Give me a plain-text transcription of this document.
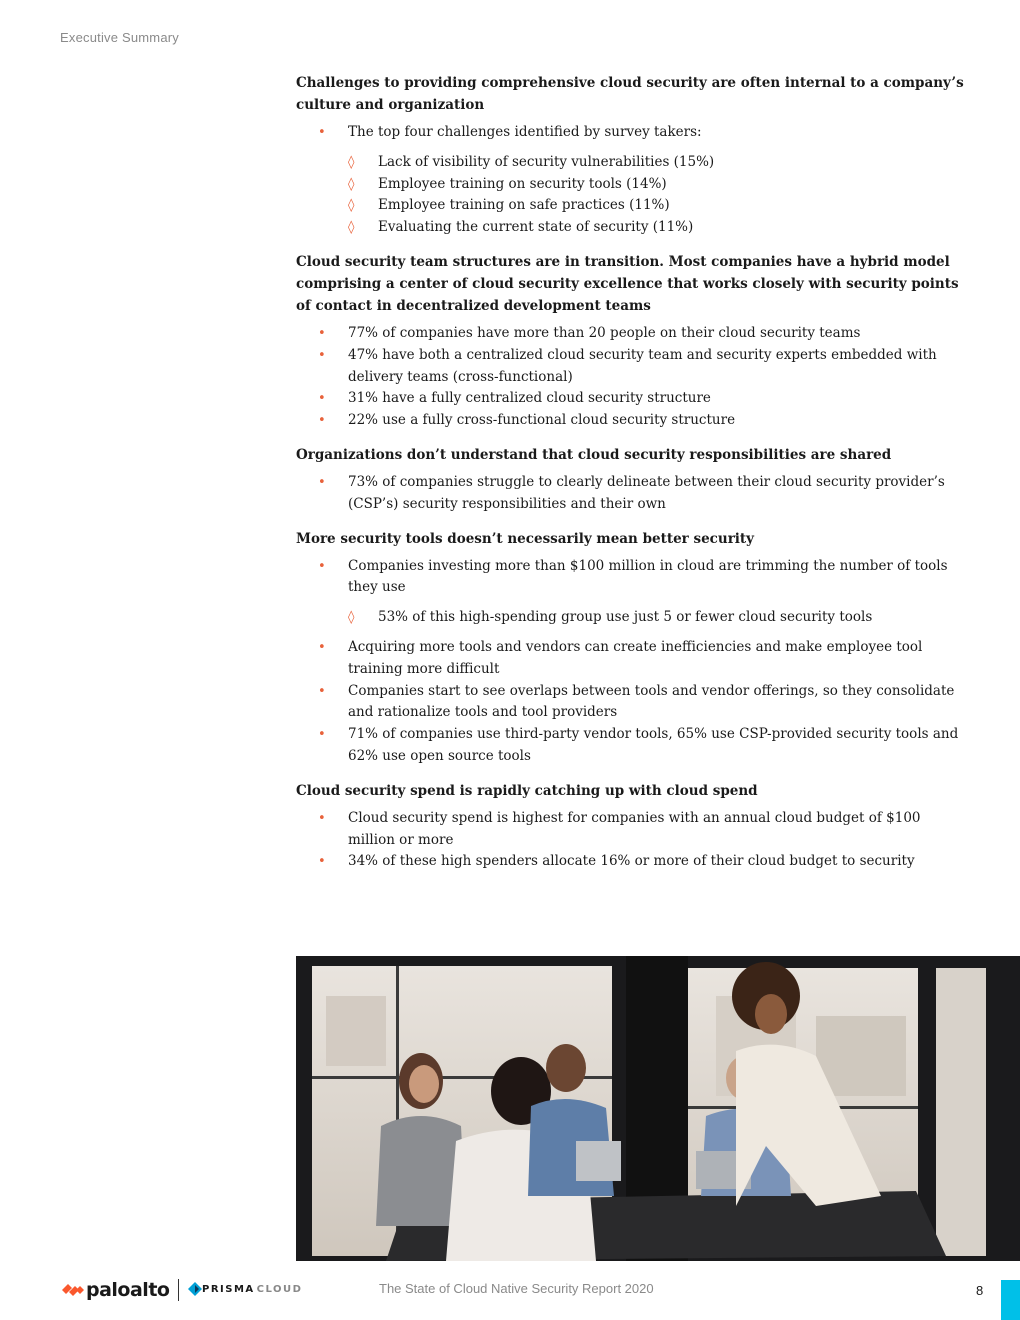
Executive Summary
Challenges to providing comprehensive cloud security are often internal to a company’s culture and organization
• The top four challenges identified by survey takers:
◊ Lack of visibility of security vulnerabilities (15%)
◊ Employee training on security tools (14%)
◊ Employee training on safe practices (11%)
◊ Evaluating the current state of security (11%)
Cloud security team structures are in transition. Most companies have a hybrid model comprising a center of cloud security excellence that works closely with security points of contact in decentralized development teams
• 77% of companies have more than 20 people on their cloud security teams
• 47% have both a centralized cloud security team and security experts embedded with delivery teams (cross-functional)
• 31% have a fully centralized cloud security structure
• 22% use a fully cross-functional cloud security structure
Organizations don’t understand that cloud security responsibilities are shared
• 73% of companies struggle to clearly delineate between their cloud security provider’s (CSP’s) security responsibilities and their own
More security tools doesn’t necessarily mean better security
• Companies investing more than $100 million in cloud are trimming the number of tools they use
◊ 53% of this high-spending group use just 5 or fewer cloud security tools
• Acquiring more tools and vendors can create inefficiencies and make employee tool training more difficult
• Companies start to see overlaps between tools and vendor offerings, so they consolidate and rationalize tools and tool providers
• 71% of companies use third-party vendor tools, 65% use CSP-provided security tools and 62% use open source tools
Cloud security spend is rapidly catching up with cloud spend
• Cloud security spend is highest for companies with an annual cloud budget of $100 million or more
• 34% of these high spenders allocate 16% or more of their cloud budget to security
paloalto	PRISMA CLOUD	The State of Cloud Native Security Report 2020	8
